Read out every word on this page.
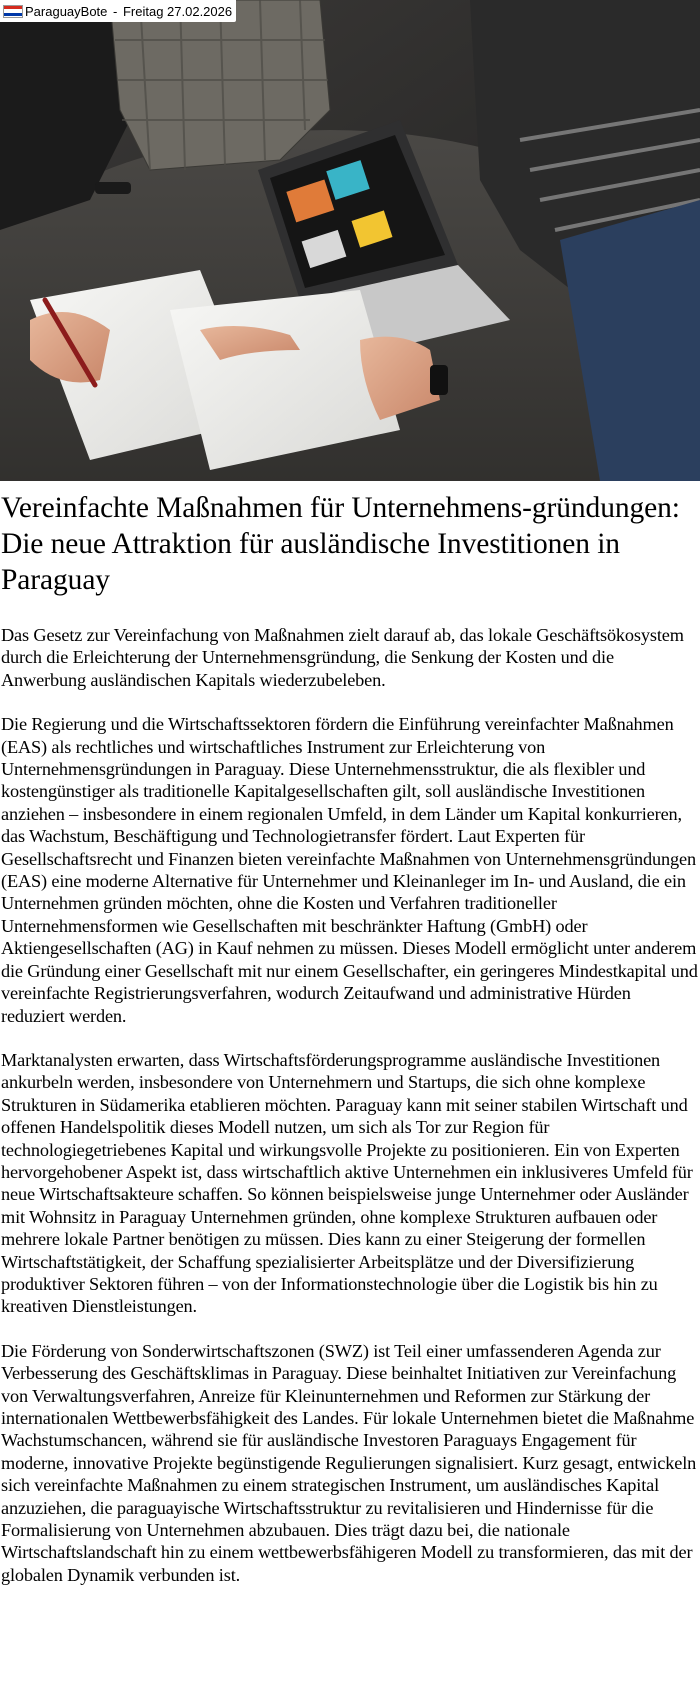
ParaguayBote - Freitag 27.02.2026
Vereinfachte Maßnahmen für Unternehmens-gründungen: Die neue Attraktion für ausländische Investitionen in Paraguay

Das Gesetz zur Vereinfachung von Maßnahmen zielt darauf ab, das lokale Geschäftsökosystem durch die Erleichterung der Unternehmensgründung, die Senkung der Kosten und die Anwerbung ausländischen Kapitals wiederzubeleben.

Die Regierung und die Wirtschaftssektoren fördern die Einführung vereinfachter Maßnahmen (EAS) als rechtliches und wirtschaftliches Instrument zur Erleichterung von Unternehmensgründungen in Paraguay. Diese Unternehmensstruktur, die als flexibler und kostengünstiger als traditionelle Kapitalgesellschaften gilt, soll ausländische Investitionen anziehen – insbesondere in einem regionalen Umfeld, in dem Länder um Kapital konkurrieren, das Wachstum, Beschäftigung und Technologietransfer fördert. Laut Experten für Gesellschaftsrecht und Finanzen bieten vereinfachte Maßnahmen von Unternehmensgründungen (EAS) eine moderne Alternative für Unternehmer und Kleinanleger im In- und Ausland, die ein Unternehmen gründen möchten, ohne die Kosten und Verfahren traditioneller Unternehmensformen wie Gesellschaften mit beschränkter Haftung (GmbH) oder Aktiengesellschaften (AG) in Kauf nehmen zu müssen. Dieses Modell ermöglicht unter anderem die Gründung einer Gesellschaft mit nur einem Gesellschafter, ein geringeres Mindestkapital und vereinfachte Registrierungsverfahren, wodurch Zeitaufwand und administrative Hürden reduziert werden.

Marktanalysten erwarten, dass Wirtschaftsförderungsprogramme ausländische Investitionen ankurbeln werden, insbesondere von Unternehmern und Startups, die sich ohne komplexe Strukturen in Südamerika etablieren möchten. Paraguay kann mit seiner stabilen Wirtschaft und offenen Handelspolitik dieses Modell nutzen, um sich als Tor zur Region für technologiegetriebenes Kapital und wirkungsvolle Projekte zu positionieren. Ein von Experten hervorgehobener Aspekt ist, dass wirtschaftlich aktive Unternehmen ein inklusiveres Umfeld für neue Wirtschaftsakteure schaffen. So können beispielsweise junge Unternehmer oder Ausländer mit Wohnsitz in Paraguay Unternehmen gründen, ohne komplexe Strukturen aufbauen oder mehrere lokale Partner benötigen zu müssen. Dies kann zu einer Steigerung der formellen Wirtschaftstätigkeit, der Schaffung spezialisierter Arbeitsplätze und der Diversifizierung produktiver Sektoren führen – von der Informationstechnologie über die Logistik bis hin zu kreativen Dienstleistungen.

Die Förderung von Sonderwirtschaftszonen (SWZ) ist Teil einer umfassenderen Agenda zur Verbesserung des Geschäftsklimas in Paraguay. Diese beinhaltet Initiativen zur Vereinfachung von Verwaltungsverfahren, Anreize für Kleinunternehmen und Reformen zur Stärkung der internationalen Wettbewerbsfähigkeit des Landes. Für lokale Unternehmen bietet die Maßnahme Wachstumschancen, während sie für ausländische Investoren Paraguays Engagement für moderne, innovative Projekte begünstigende Regulierungen signalisiert. Kurz gesagt, entwickeln sich vereinfachte Maßnahmen zu einem strategischen Instrument, um ausländisches Kapital anzuziehen, die paraguayische Wirtschaftsstruktur zu revitalisieren und Hindernisse für die Formalisierung von Unternehmen abzubauen. Dies trägt dazu bei, die nationale Wirtschaftslandschaft hin zu einem wettbewerbsfähigeren Modell zu transformieren, das mit der globalen Dynamik verbunden ist.
